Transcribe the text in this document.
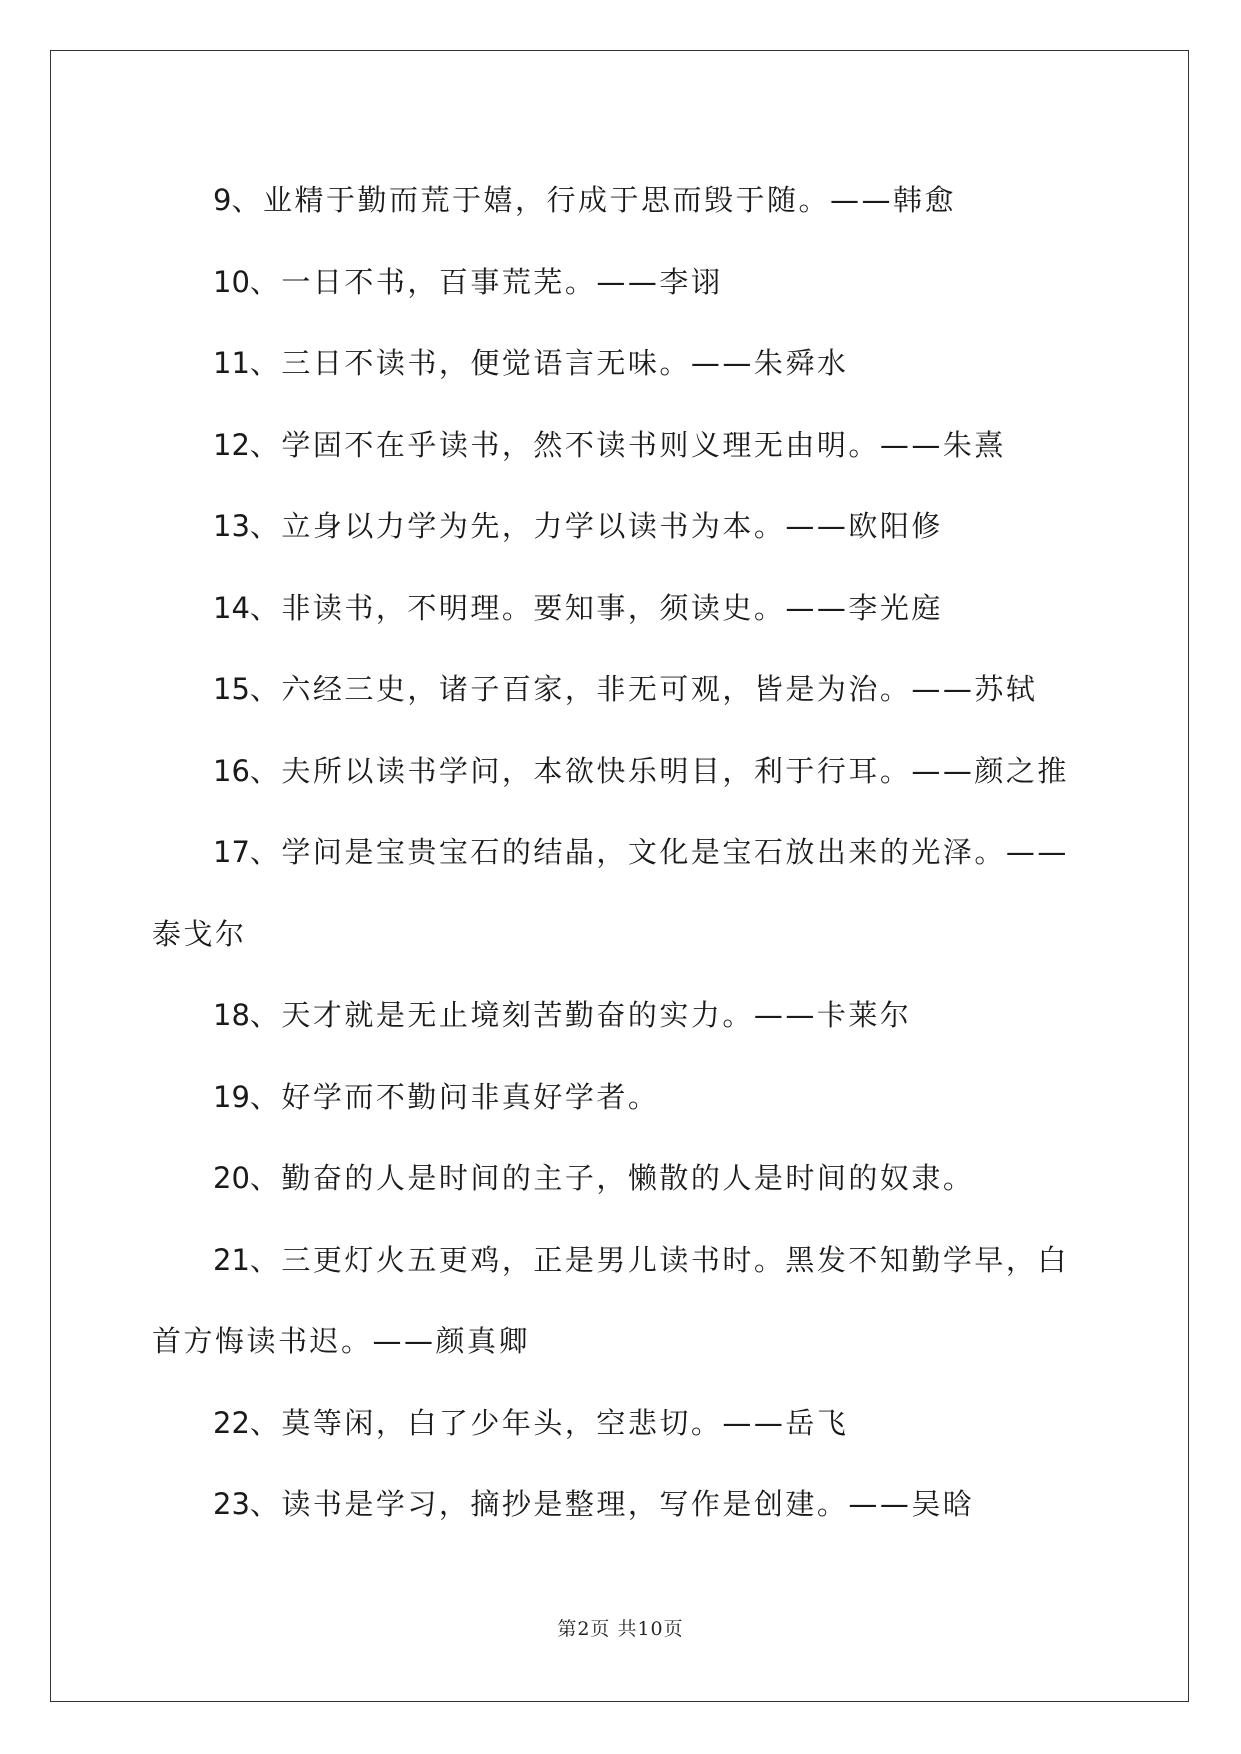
9、业精于勤而荒于嬉，行成于思而毁于随。——韩愈

10、一日不书，百事荒芜。——李诩

11、三日不读书，便觉语言无味。——朱舜水

12、学固不在乎读书，然不读书则义理无由明。——朱熹

13、立身以力学为先，力学以读书为本。——欧阳修

14、非读书，不明理。要知事，须读史。——李光庭

15、六经三史，诸子百家，非无可观，皆是为治。——苏轼

16、夫所以读书学问，本欲快乐明目，利于行耳。——颜之推

17、学问是宝贵宝石的结晶，文化是宝石放出来的光泽。——泰戈尔

18、天才就是无止境刻苦勤奋的实力。——卡莱尔

19、好学而不勤问非真好学者。

20、勤奋的人是时间的主子，懒散的人是时间的奴隶。

21、三更灯火五更鸡，正是男儿读书时。黑发不知勤学早，白首方悔读书迟。——颜真卿

22、莫等闲，白了少年头，空悲切。——岳飞

23、读书是学习，摘抄是整理，写作是创建。——吴晗

第2页 共10页
